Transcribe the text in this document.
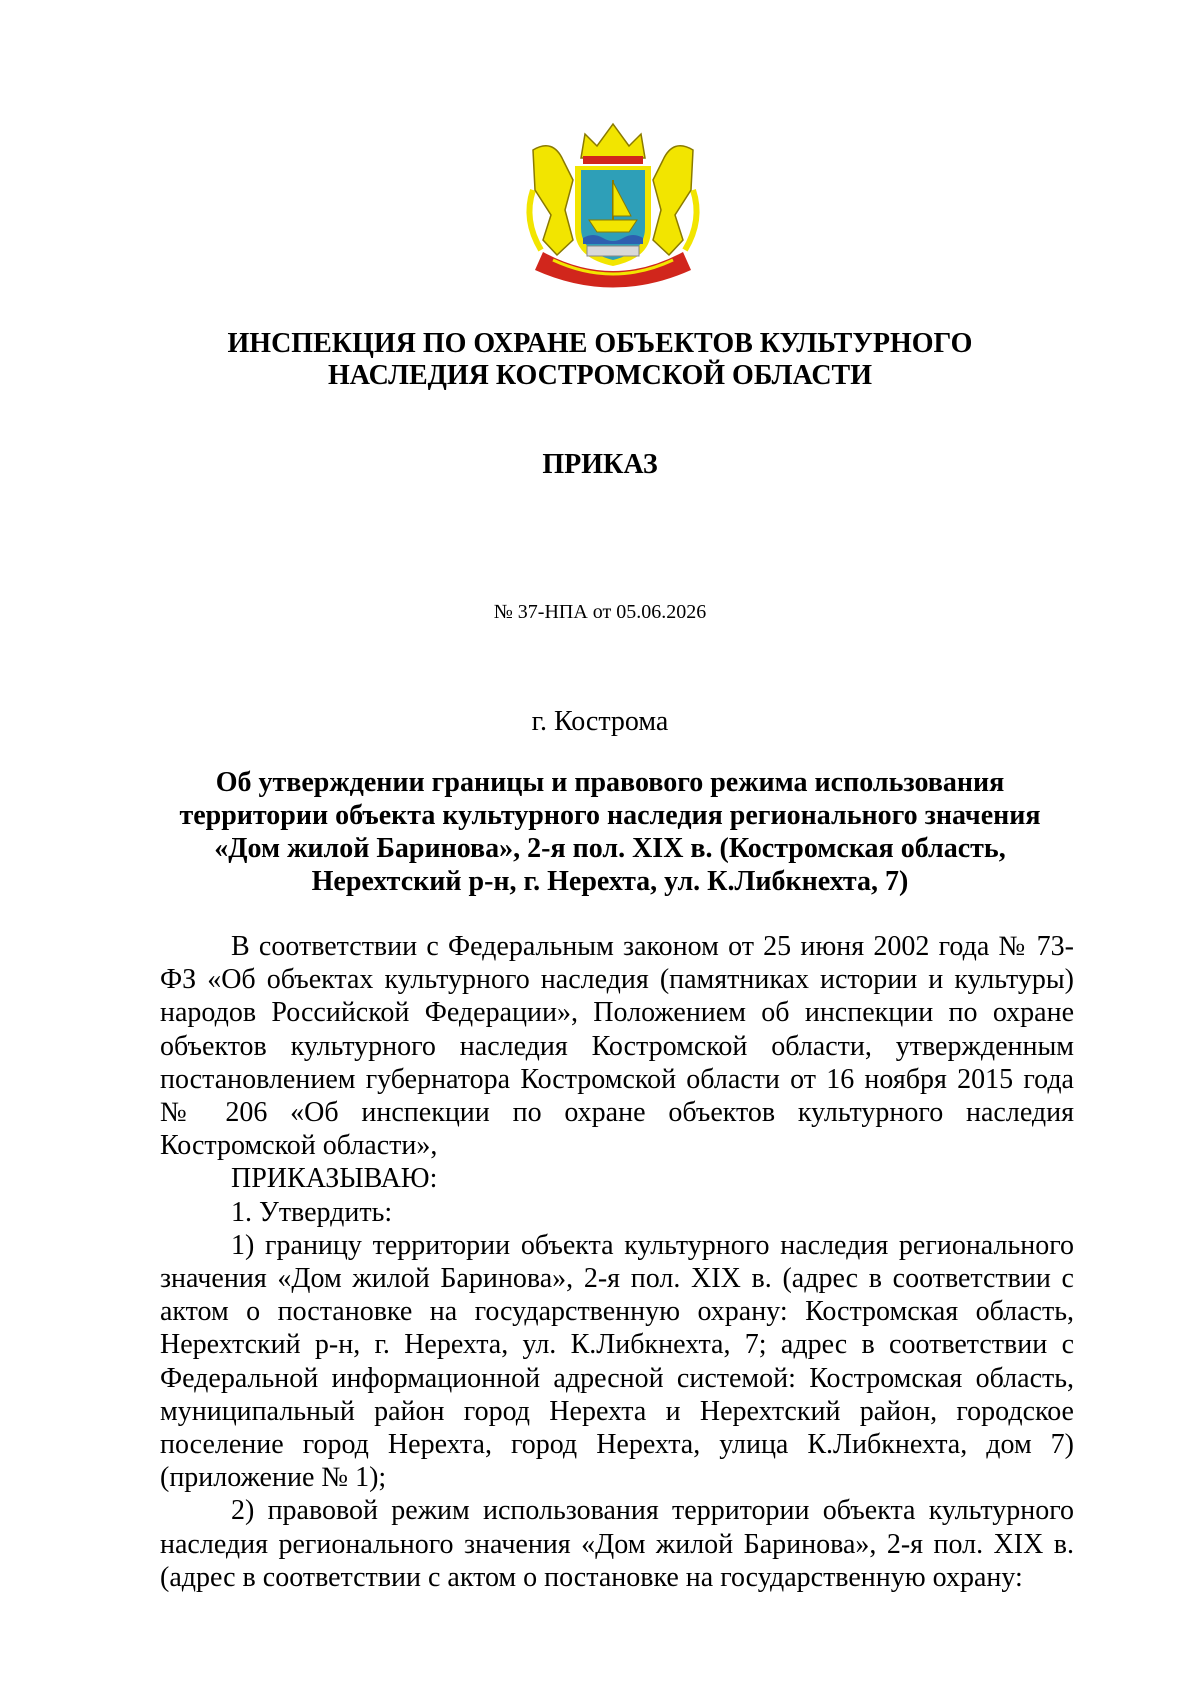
ИНСПЕКЦИЯ ПО ОХРАНЕ ОБЪЕКТОВ КУЛЬТУРНОГО
НАСЛЕДИЯ КОСТРОМСКОЙ ОБЛАСТИ
ПРИКАЗ
№ 37-НПА от 05.06.2026
г. Кострома
Об утверждении границы и правового режима использования
территории объекта культурного наследия регионального значения
«Дом жилой Баринова», 2-я пол. XIX в. (Костромская область,
Нерехтский р-н, г. Нерехта, ул. К.Либкнехта, 7)

В соответствии с Федеральным законом от 25 июня 2002 года № 73-ФЗ «Об объектах культурного наследия (памятниках истории и культуры) народов Российской Федерации», Положением об инспекции по охране объектов культурного наследия Костромской области, утвержденным постановлением губернатора Костромской области от 16 ноября 2015 года № 206 «Об инспекции по охране объектов культурного наследия Костромской области»,

ПРИКАЗЫВАЮ:

1. Утвердить:

1) границу территории объекта культурного наследия регионального значения «Дом жилой Баринова», 2-я пол. XIX в. (адрес в соответствии с актом о постановке на государственную охрану: Костромская область, Нерехтский р-н, г. Нерехта, ул. К.Либкнехта, 7; адрес в соответствии с Федеральной информационной адресной системой: Костромская область, муниципальный район город Нерехта и Нерехтский район, городское поселение город Нерехта, город Нерехта, улица К.Либкнехта, дом 7) (приложение № 1);

2) правовой режим использования территории объекта культурного наследия регионального значения «Дом жилой Баринова», 2-я пол. XIX в. (адрес в соответствии с актом о постановке на государственную охрану:
